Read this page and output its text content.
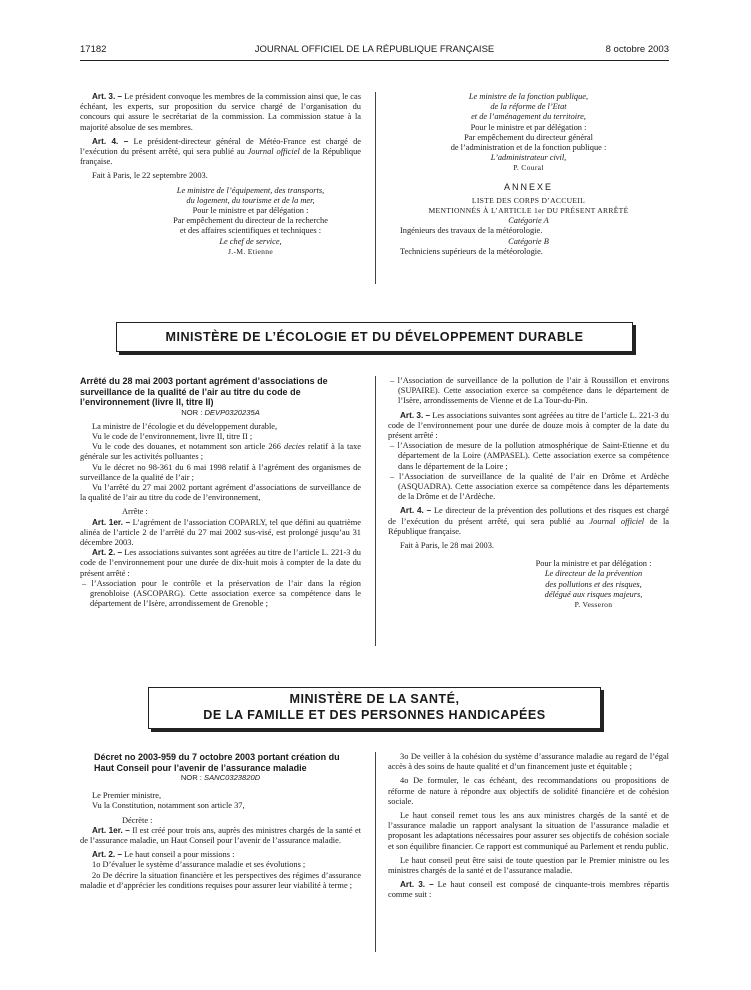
17182	JOURNAL OFFICIEL DE LA RÉPUBLIQUE FRANÇAISE	8 octobre 2003

Art. 3. – Le président convoque les membres de la commission ainsi que, le cas échéant, les experts, sur proposition du service chargé de l’organisation du concours qui assure le secrétariat de la commission. La commission statue à la majorité absolue de ses membres.

Art. 4. – Le président-directeur général de Météo-France est chargé de l’exécution du présent arrêté, qui sera publié au Journal officiel de la République française.

Fait à Paris, le 22 septembre 2003.

Le ministre de l’équipement, des transports,

du logement, du tourisme et de la mer,

Pour le ministre et par délégation :

Par empêchement du directeur de la recherche

et des affaires scientifiques et techniques :

Le chef de service,

J.-M. Etienne

Le ministre de la fonction publique,

de la réforme de l’Etat

et de l’aménagement du territoire,

Pour le ministre et par délégation :

Par empêchement du directeur général

de l’administration et de la fonction publique :

L’administrateur civil,

P. Coural

ANNEXE

LISTE DES CORPS D’ACCUEIL

MENTIONNÉS À L’ARTICLE 1er DU PRÉSENT ARRÊTÉ

Catégorie A

Ingénieurs des travaux de la météorologie.

Catégorie B

Techniciens supérieurs de la météorologie.

MINISTÈRE DE L’ÉCOLOGIE ET DU DÉVELOPPEMENT DURABLE

Arrêté du 28 mai 2003 portant agrément d’associations de surveillance de la qualité de l’air au titre du code de l’environnement (livre II, titre II)

NOR : DEVP0320235A

La ministre de l’écologie et du développement durable,

Vu le code de l’environnement, livre II, titre II ;

Vu le code des douanes, et notamment son article 266 decies relatif à la taxe générale sur les activités polluantes ;

Vu le décret no 98-361 du 6 mai 1998 relatif à l’agrément des organismes de surveillance de la qualité de l’air ;

Vu l’arrêté du 27 mai 2002 portant agrément d’associations de surveillance de la qualité de l’air au titre du code de l’environnement,

Arrête :

Art. 1er. – L’agrément de l’association COPARLY, tel que défini au quatrième alinéa de l’article 2 de l’arrêté du 27 mai 2002 sus-visé, est prolongé jusqu’au 31 décembre 2003.

Art. 2. – Les associations suivantes sont agréées au titre de l’article L. 221-3 du code de l’environnement pour une durée de dix-huit mois à compter de la date du présent arrêté :

– l’Association pour le contrôle et la préservation de l’air dans la région grenobloise (ASCOPARG). Cette association exerce sa compétence dans le département de l’Isère, arrondissement de Grenoble ;
– l’Association de surveillance de la pollution de l’air à Roussillon et environs (SUPAIRE). Cette association exerce sa compétence dans le département de l’Isère, arrondissements de Vienne et de La Tour-du-Pin.

Art. 3. – Les associations suivantes sont agréées au titre de l’article L. 221-3 du code de l’environnement pour une durée de douze mois à compter de la date du présent arrêté :

– l’Association de mesure de la pollution atmosphérique de Saint-Etienne et du département de la Loire (AMPASEL). Cette association exerce sa compétence dans le département de la Loire ;
– l’Association de surveillance de la qualité de l’air en Drôme et Ardèche (ASQUADRA). Cette association exerce sa compétence dans les départements de la Drôme et de l’Ardèche.

Art. 4. – Le directeur de la prévention des pollutions et des risques est chargé de l’exécution du présent arrêté, qui sera publié au Journal officiel de la République française.

Fait à Paris, le 28 mai 2003.

Pour la ministre et par délégation :

Le directeur de la prévention

des pollutions et des risques,

délégué aux risques majeurs,

P. Vesseron

MINISTÈRE DE LA SANTÉ,
DE LA FAMILLE ET DES PERSONNES HANDICAPÉES

Décret no 2003-959 du 7 octobre 2003 portant création du Haut Conseil pour l’avenir de l’assurance maladie

NOR : SANC0323820D

Le Premier ministre,

Vu la Constitution, notamment son article 37,

Décrète :

Art. 1er. – Il est créé pour trois ans, auprès des ministres chargés de la santé et de l’assurance maladie, un Haut Conseil pour l’avenir de l’assurance maladie.

Art. 2. – Le haut conseil a pour missions :

1o D’évaluer le système d’assurance maladie et ses évolutions ;

2o De décrire la situation financière et les perspectives des régimes d’assurance maladie et d’apprécier les conditions requises pour assurer leur viabilité à terme ;

3o De veiller à la cohésion du système d’assurance maladie au regard de l’égal accès à des soins de haute qualité et d’un financement juste et équitable ;

4o De formuler, le cas échéant, des recommandations ou propositions de réforme de nature à répondre aux objectifs de solidité financière et de cohésion sociale.

Le haut conseil remet tous les ans aux ministres chargés de la santé et de l’assurance maladie un rapport analysant la situation de l’assurance maladie et proposant les adaptations nécessaires pour assurer ses objectifs de cohésion sociale et son équilibre financier. Ce rapport est communiqué au Parlement et rendu public.

Le haut conseil peut être saisi de toute question par le Premier ministre ou les ministres chargés de la santé et de l’assurance maladie.

Art. 3. – Le haut conseil est composé de cinquante-trois membres répartis comme suit :
